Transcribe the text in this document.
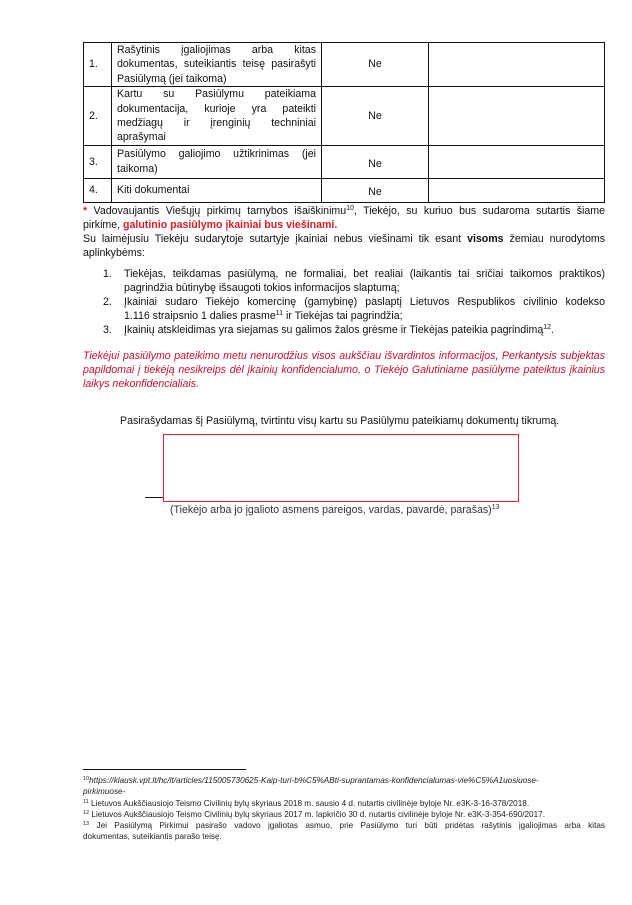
1.	Rašytinis įgaliojimas arba kitas
dokumentas, suteikiantis teisę pasirašyti
Pasiūlymą (jei taikoma)	Ne	
2.	Kartu su Pasiūlymu pateikiama
dokumentacija, kurioje yra pateikti
medžiagų ir įrenginių techniniai
aprašymai	Ne	
3.	Pasiūlymo galiojimo užtikrinimas (jei
taikoma)	Ne	
4.	Kiti dokumentai	Ne	
* Vadovaujantis Viešųjų pirkimų tarnybos išaiškinimu$^{10}$, Tiekėjo, su kuriuo bus sudaroma sutartis šiame
pirkime, galutinio pasiūlymo įkainiai bus viešinami.
Su laimėjusiu Tiekėju sudarytoje sutartyje įkainiai nebus viešinami tik esant visoms žemiau nurodytoms
aplinkybėms:
1. Tiekėjas, teikdamas pasiūlymą, ne formaliai, bet realiai (laikantis tai sričiai taikomos praktikos)
pagrindžia būtinybę išsaugoti tokios informacijos slaptumą;
2. Įkainiai sudaro Tiekėjo komercinę (gamybinę) paslaptį Lietuvos Respublikos civilinio kodekso
1.116 straipsnio 1 dalies prasme$^{11}$ ir Tiekėjas tai pagrindžia;
3. Įkainių atskleidimas yra siejamas su galimos žalos grėsme ir Tiekėjas pateikia pagrindimą$^{12}$.
Tiekėjui pasiūlymo pateikimo metu nenurodžius visos aukščiau išvardintos informacijos, Perkantysis subjektas
papildomai į tiekėją nesikreips dėl įkainių konfidencialumo, o Tiekėjo Galutiniame pasiūlyme pateiktus įkainius
laikys nekonfidencialiais.
Pasirašydamas šį Pasiūlymą, tvirtintu visų kartu su Pasiūlymu pateikiamų dokumentų tikrumą.
(Tiekėjo arba jo įgalioto asmens pareigos, vardas, pavardė, parašas)$^{13}$
$^{10}$https://klausk.vpt.lt/hc/lt/articles/115005730625-Kaip-turi-b%C5%ABti-suprantamas-konfidencialumas-vie%C5%A1uosiuose-
pirkimuose-
$^{11}$ Lietuvos Aukščiausiojo Teismo Civilinių bylų skyriaus 2018 m. sausio 4 d. nutartis civilinėje byloje Nr. e3K-3-16-378/2018.
$^{12}$ Lietuvos Aukščiausiojo Teismo Civilinių bylų skyriaus 2017 m. lapkričio 30 d. nutartis civilinėje byloje Nr. e3K-3-354-690/2017.
$^{13}$ Jei Pasiūlymą Pirkimui pasirašo vadovo įgaliotas asmuo, prie Pasiūlymo turi būti pridėtas rašytinis įgaliojimas arba kitas
dokumentas, suteikiantis parašo teisę.
